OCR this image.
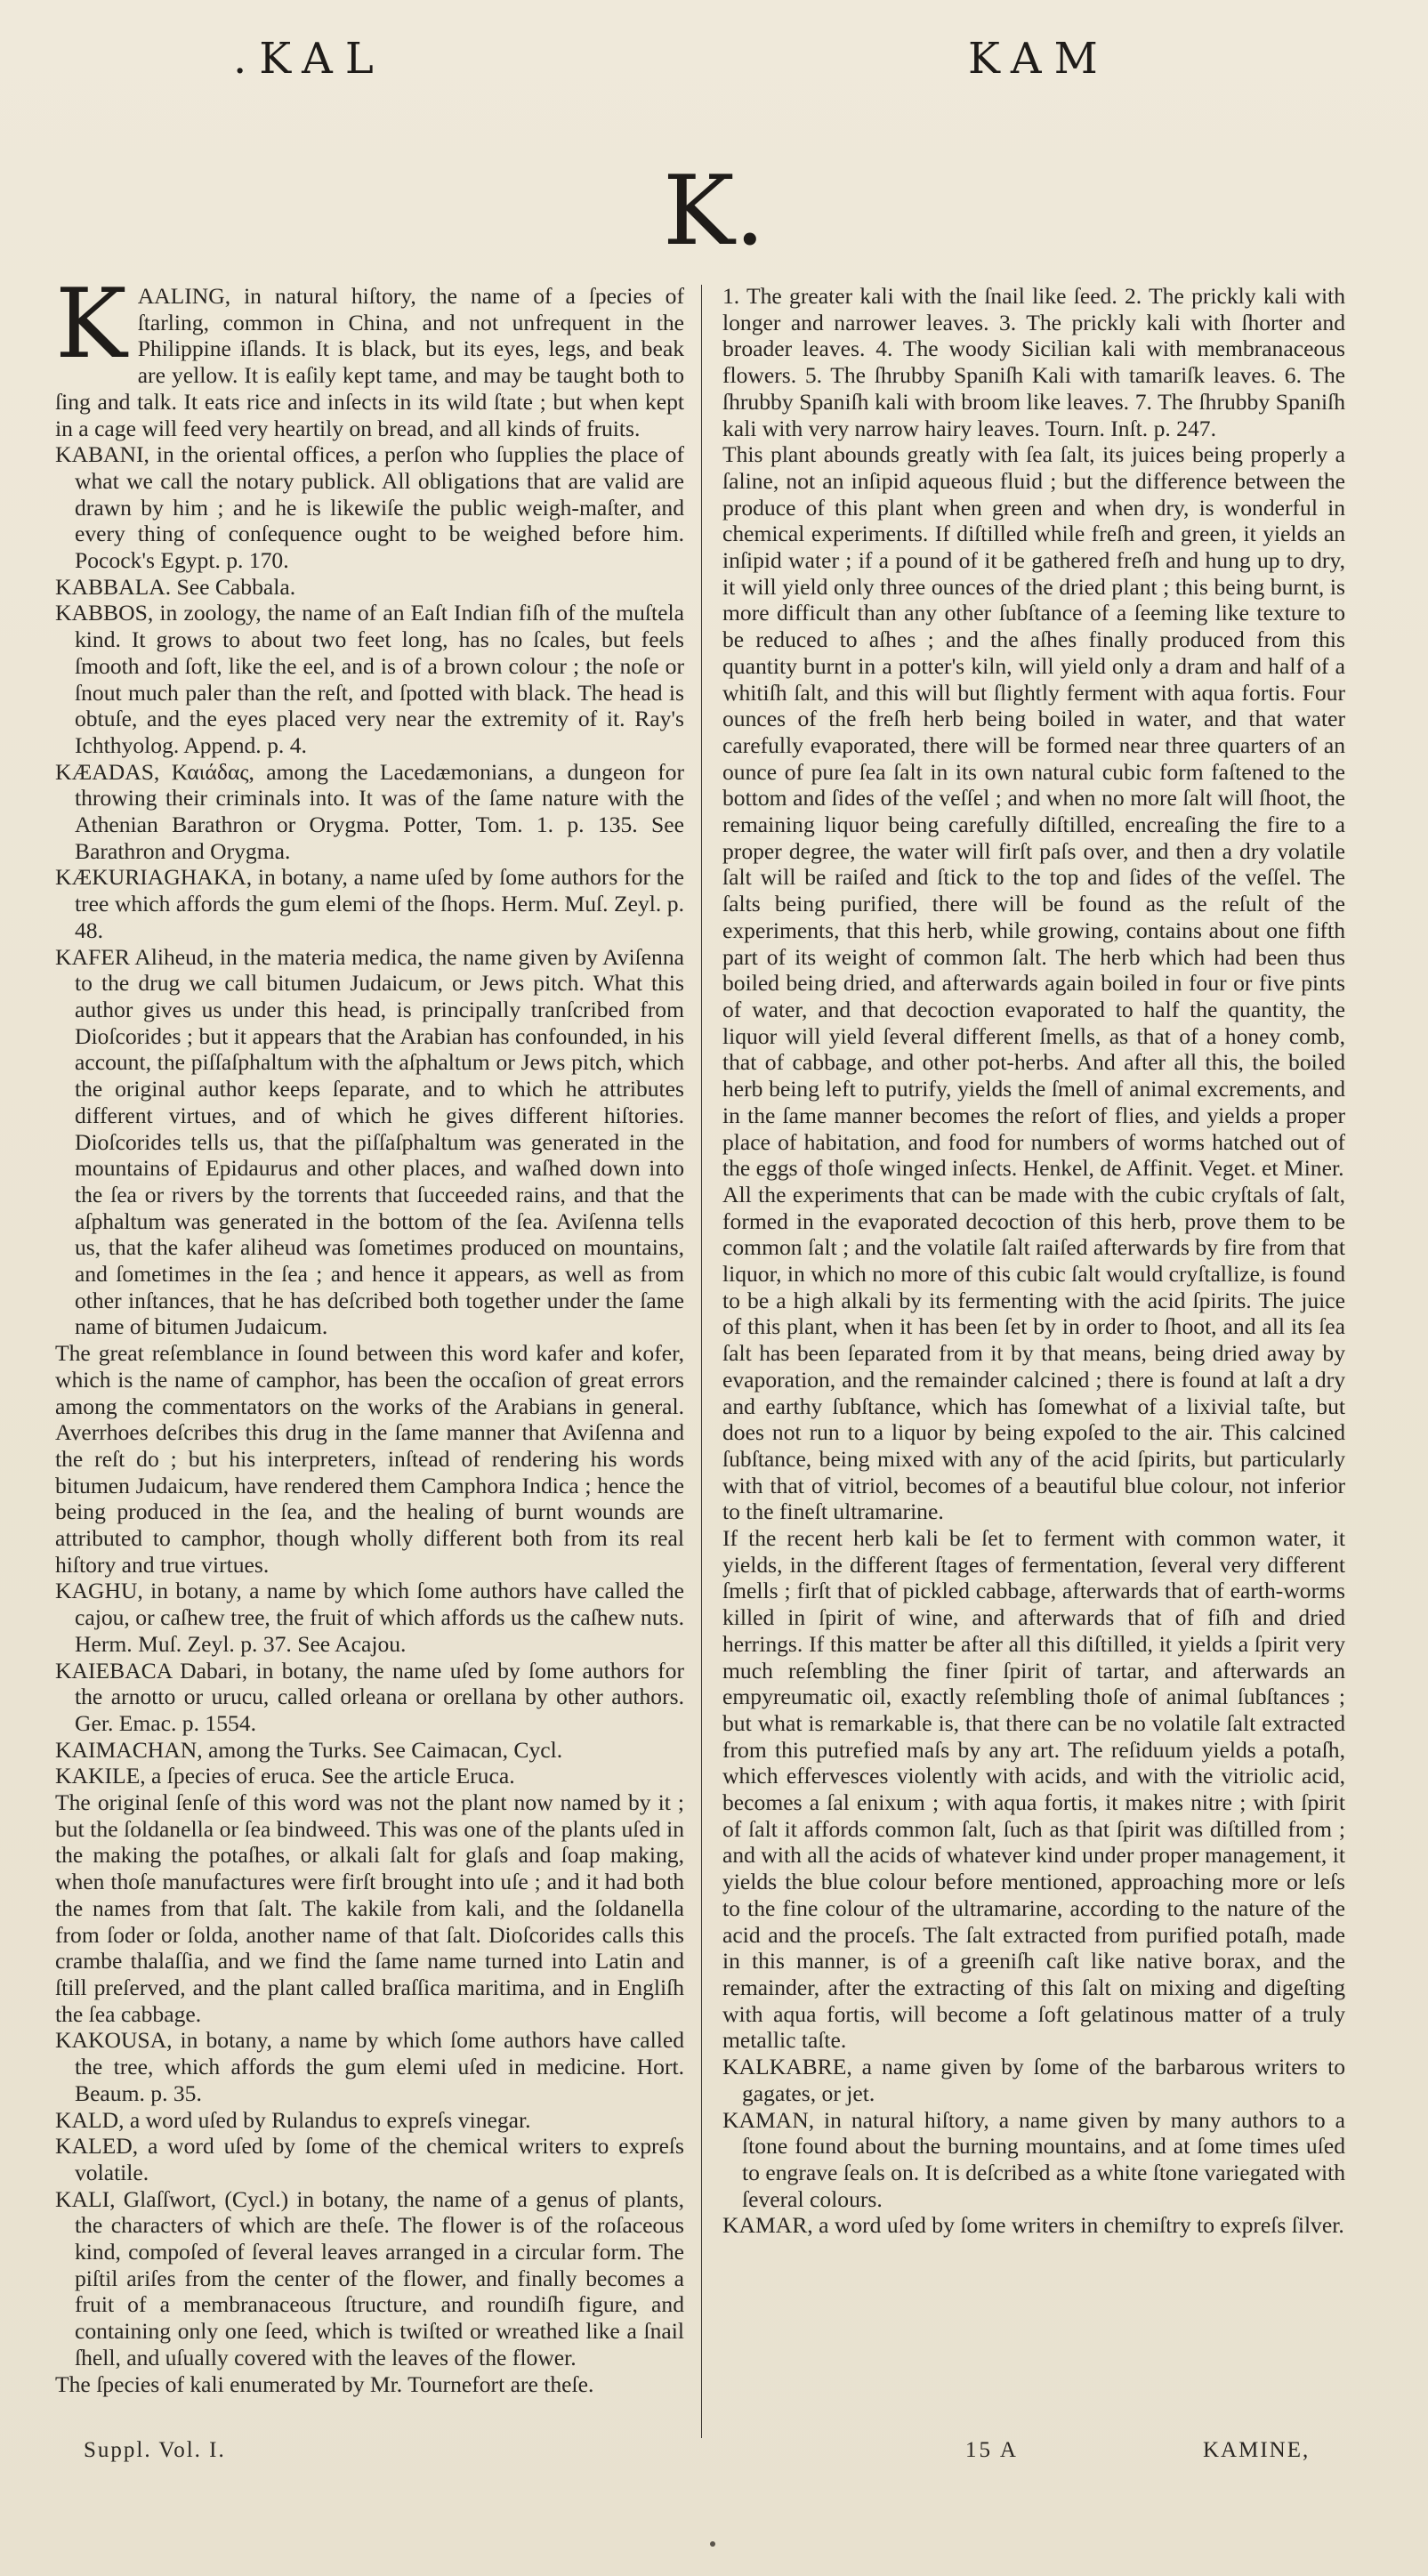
.KAL	KAM
K.

KAALING, in natural hiſtory, the name of a ſpecies of ſtarling, common in China, and not unfrequent in the Philippine iſlands. It is black, but its eyes, legs, and beak are yellow. It is eaſily kept tame, and may be taught both to ſing and talk. It eats rice and inſects in its wild ſtate ; but when kept in a cage will feed very heartily on bread, and all kinds of fruits.

KABANI, in the oriental offices, a perſon who ſupplies the place of what we call the notary publick. All obligations that are valid are drawn by him ; and he is likewiſe the public weigh-maſter, and every thing of conſequence ought to be weighed before him. Pocock's Egypt. p. 170.

KABBALA. See Cabbala.

KABBOS, in zoology, the name of an Eaſt Indian fiſh of the muſtela kind. It grows to about two feet long, has no ſcales, but feels ſmooth and ſoft, like the eel, and is of a brown colour ; the noſe or ſnout much paler than the reſt, and ſpotted with black. The head is obtuſe, and the eyes placed very near the extremity of it. Ray's Ichthyolog. Append. p. 4.

KÆADAS, Καιάδας, among the Lacedæmonians, a dungeon for throwing their criminals into. It was of the ſame nature with the Athenian Barathron or Orygma. Potter, Tom. 1. p. 135. See Barathron and Orygma.

KÆKURIAGHAKA, in botany, a name uſed by ſome authors for the tree which affords the gum elemi of the ſhops. Herm. Muſ. Zeyl. p. 48.

KAFER Aliheud, in the materia medica, the name given by Aviſenna to the drug we call bitumen Judaicum, or Jews pitch. What this author gives us under this head, is principally tranſcribed from Dioſcorides ; but it appears that the Arabian has confounded, in his account, the piſſaſphaltum with the aſphaltum or Jews pitch, which the original author keeps ſeparate, and to which he attributes different virtues, and of which he gives different hiſtories. Dioſcorides tells us, that the piſſaſphaltum was generated in the mountains of Epidaurus and other places, and waſhed down into the ſea or rivers by the torrents that ſucceeded rains, and that the aſphaltum was generated in the bottom of the ſea. Aviſenna tells us, that the kafer aliheud was ſometimes produced on mountains, and ſometimes in the ſea ; and hence it appears, as well as from other inſtances, that he has deſcribed both together under the ſame name of bitumen Judaicum.

The great reſemblance in ſound between this word kafer and kofer, which is the name of camphor, has been the occaſion of great errors among the commentators on the works of the Arabians in general. Averrhoes deſcribes this drug in the ſame manner that Aviſenna and the reſt do ; but his interpreters, inſtead of rendering his words bitumen Judaicum, have rendered them Camphora Indica ; hence the being produced in the ſea, and the healing of burnt wounds are attributed to camphor, though wholly different both from its real hiſtory and true virtues.

KAGHU, in botany, a name by which ſome authors have called the cajou, or caſhew tree, the fruit of which affords us the caſhew nuts. Herm. Muſ. Zeyl. p. 37. See Acajou.

KAIEBACA Dabari, in botany, the name uſed by ſome authors for the arnotto or urucu, called orleana or orellana by other authors. Ger. Emac. p. 1554.

KAIMACHAN, among the Turks. See Caimacan, Cycl.

KAKILE, a ſpecies of eruca. See the article Eruca.

The original ſenſe of this word was not the plant now named by it ; but the ſoldanella or ſea bindweed. This was one of the plants uſed in the making the potaſhes, or alkali ſalt for glaſs and ſoap making, when thoſe manufactures were firſt brought into uſe ; and it had both the names from that ſalt. The kakile from kali, and the ſoldanella from ſoder or ſolda, another name of that ſalt. Dioſcorides calls this crambe thalaſſia, and we find the ſame name turned into Latin and ſtill preſerved, and the plant called braſſica maritima, and in Engliſh the ſea cabbage.

KAKOUSA, in botany, a name by which ſome authors have called the tree, which affords the gum elemi uſed in medicine. Hort. Beaum. p. 35.

KALD, a word uſed by Rulandus to expreſs vinegar.

KALED, a word uſed by ſome of the chemical writers to expreſs volatile.

KALI, Glaſſwort, (Cycl.) in botany, the name of a genus of plants, the characters of which are theſe. The flower is of the roſaceous kind, compoſed of ſeveral leaves arranged in a circular form. The piſtil ariſes from the center of the flower, and finally becomes a fruit of a membranaceous ſtructure, and roundiſh figure, and containing only one ſeed, which is twiſted or wreathed like a ſnail ſhell, and uſually covered with the leaves of the flower.

The ſpecies of kali enumerated by Mr. Tournefort are theſe.

1. The greater kali with the ſnail like ſeed. 2. The prickly kali with longer and narrower leaves. 3. The prickly kali with ſhorter and broader leaves. 4. The woody Sicilian kali with membranaceous flowers. 5. The ſhrubby Spaniſh Kali with tamariſk leaves. 6. The ſhrubby Spaniſh kali with broom like leaves. 7. The ſhrubby Spaniſh kali with very narrow hairy leaves. Tourn. Inſt. p. 247.

This plant abounds greatly with ſea ſalt, its juices being properly a ſaline, not an inſipid aqueous fluid ; but the difference between the produce of this plant when green and when dry, is wonderful in chemical experiments. If diſtilled while freſh and green, it yields an inſipid water ; if a pound of it be gathered freſh and hung up to dry, it will yield only three ounces of the dried plant ; this being burnt, is more difficult than any other ſubſtance of a ſeeming like texture to be reduced to aſhes ; and the aſhes finally produced from this quantity burnt in a potter's kiln, will yield only a dram and half of a whitiſh ſalt, and this will but ſlightly ferment with aqua fortis. Four ounces of the freſh herb being boiled in water, and that water carefully evaporated, there will be formed near three quarters of an ounce of pure ſea ſalt in its own natural cubic form faſtened to the bottom and ſides of the veſſel ; and when no more ſalt will ſhoot, the remaining liquor being carefully diſtilled, encreaſing the fire to a proper degree, the water will firſt paſs over, and then a dry volatile ſalt will be raiſed and ſtick to the top and ſides of the veſſel. The ſalts being purified, there will be found as the reſult of the experiments, that this herb, while growing, contains about one fifth part of its weight of common ſalt. The herb which had been thus boiled being dried, and afterwards again boiled in four or five pints of water, and that decoction evaporated to half the quantity, the liquor will yield ſeveral different ſmells, as that of a honey comb, that of cabbage, and other pot-herbs. And after all this, the boiled herb being left to putrify, yields the ſmell of animal excrements, and in the ſame manner becomes the reſort of flies, and yields a proper place of habitation, and food for numbers of worms hatched out of the eggs of thoſe winged inſects. Henkel, de Affinit. Veget. et Miner.

All the experiments that can be made with the cubic cryſtals of ſalt, formed in the evaporated decoction of this herb, prove them to be common ſalt ; and the volatile ſalt raiſed afterwards by fire from that liquor, in which no more of this cubic ſalt would cryſtallize, is found to be a high alkali by its fermenting with the acid ſpirits. The juice of this plant, when it has been ſet by in order to ſhoot, and all its ſea ſalt has been ſeparated from it by that means, being dried away by evaporation, and the remainder calcined ; there is found at laſt a dry and earthy ſubſtance, which has ſomewhat of a lixivial taſte, but does not run to a liquor by being expoſed to the air. This calcined ſubſtance, being mixed with any of the acid ſpirits, but particularly with that of vitriol, becomes of a beautiful blue colour, not inferior to the fineſt ultramarine.

If the recent herb kali be ſet to ferment with common water, it yields, in the different ſtages of fermentation, ſeveral very different ſmells ; firſt that of pickled cabbage, afterwards that of earth-worms killed in ſpirit of wine, and afterwards that of fiſh and dried herrings. If this matter be after all this diſtilled, it yields a ſpirit very much reſembling the finer ſpirit of tartar, and afterwards an empyreumatic oil, exactly reſembling thoſe of animal ſubſtances ; but what is remarkable is, that there can be no volatile ſalt extracted from this putrefied maſs by any art. The reſiduum yields a potaſh, which effervesces violently with acids, and with the vitriolic acid, becomes a ſal enixum ; with aqua fortis, it makes nitre ; with ſpirit of ſalt it affords common ſalt, ſuch as that ſpirit was diſtilled from ; and with all the acids of whatever kind under proper management, it yields the blue colour before mentioned, approaching more or leſs to the fine colour of the ultramarine, according to the nature of the acid and the proceſs. The ſalt extracted from purified potaſh, made in this manner, is of a greeniſh caſt like native borax, and the remainder, after the extracting of this ſalt on mixing and digeſting with aqua fortis, will become a ſoft gelatinous matter of a truly metallic taſte.

KALKABRE, a name given by ſome of the barbarous writers to gagates, or jet.

KAMAN, in natural hiſtory, a name given by many authors to a ſtone found about the burning mountains, and at ſome times uſed to engrave ſeals on. It is deſcribed as a white ſtone variegated with ſeveral colours.

KAMAR, a word uſed by ſome writers in chemiſtry to expreſs ſilver.

Suppl. Vol. I.	15 A	KAMINE,
